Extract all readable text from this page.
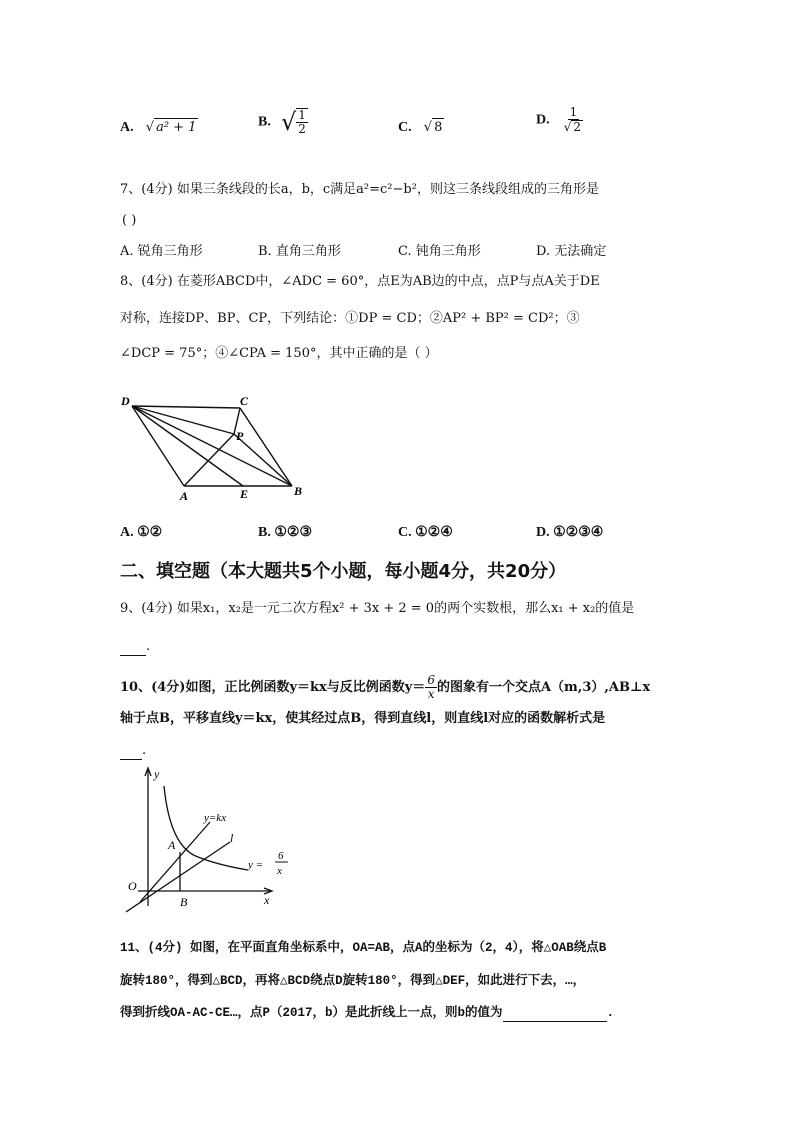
A. √ a² + 1	B. √ $\frac{1}{2}$	C. √ 8	D. $\frac{1}{√ 2}$
7、(4分) 如果三条线段的长a，b，c满足a²=c²−b²，则这三条线段组成的三角形是
( )
A. 锐角三角形	B. 直角三角形	C. 钝角三角形	D. 无法确定
8、(4分) 在菱形ABCD中，∠ADC = 60°，点E为AB边的中点，点P与点A关于DE
对称，连接DP、BP、CP，下列结论：①DP = CD；②AP² + BP² = CD²；③
∠DCP = 75°；④∠CPA = 150°，其中正确的是（ ）
D	C
P
A	E	B
A. ①②	B. ①②③	C. ①②④	D. ①②③④
二、填空题（本大题共5个小题，每小题4分，共20分）
9、(4分) 如果x₁，x₂是一元二次方程x² + 3x + 2 = 0的两个实数根，那么x₁ + x₂的值是
.
10、(4分)如图，正比例函数y＝kx与反比例函数$y= \frac{6}{x}$ 的图象有一个交点A（m,3）,AB⊥x
轴于点B，平移直线y＝kx，使其经过点B，得到直线l，则直线l对应的函数解析式是
.
y
x
O
A
B
y=kx
l
y =
6
x
11、(4分) 如图，在平面直角坐标系中，OA=AB，点A的坐标为（2，4），将△OAB绕点B
旋转180°，得到△BCD，再将△BCD绕点D旋转180°，得到△DEF，如此进行下去，…，
得到折线OA-AC-CE…，点P（2017，b）是此折线上一点，则b的值为	.
